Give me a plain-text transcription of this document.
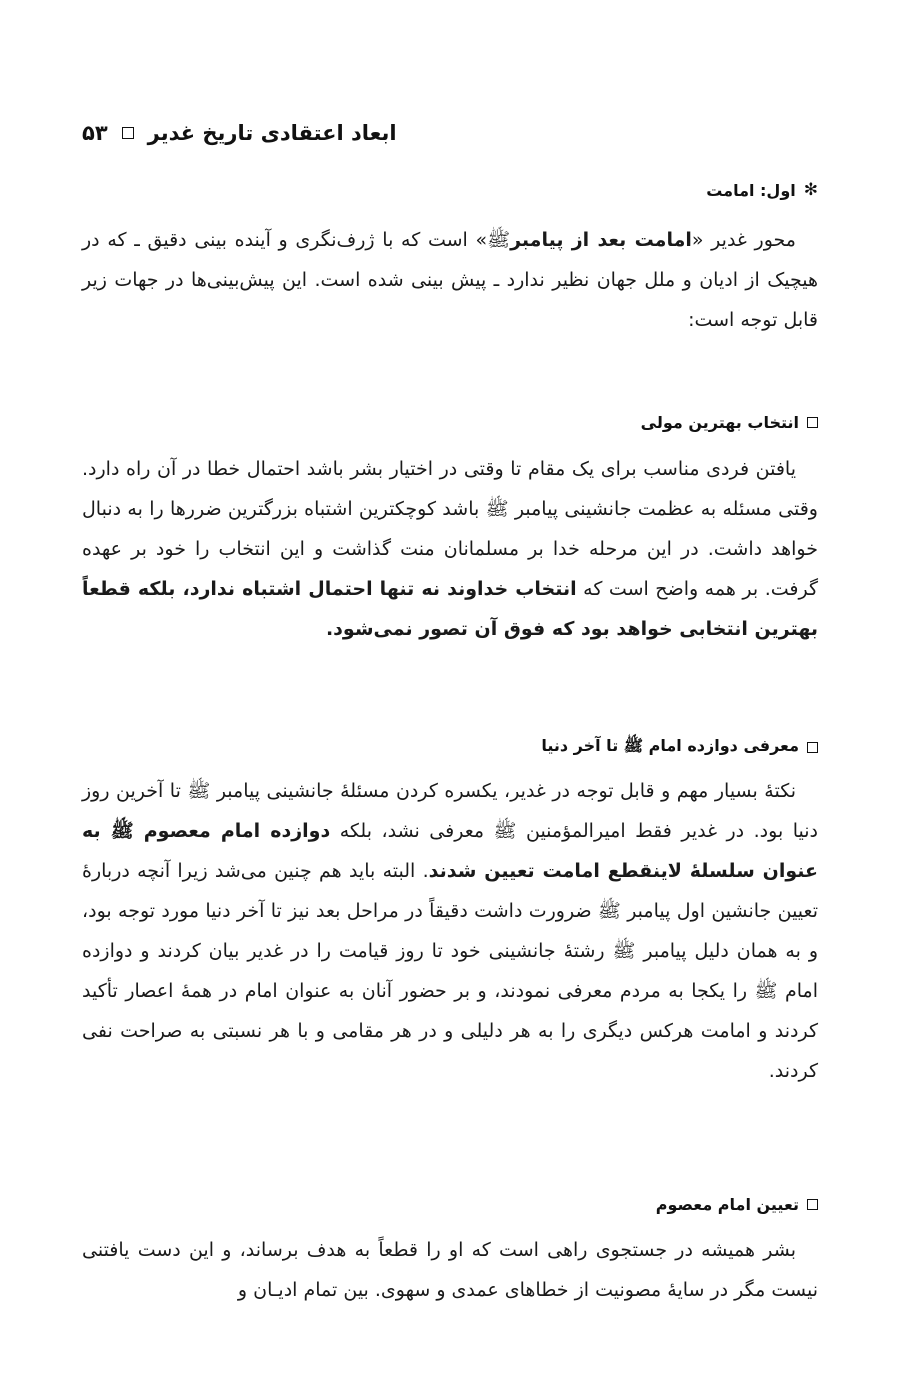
ابعاد اعتقادی تاریخ غدیر
۵۳
✻
اول: امامت

محور غدیر «امامت بعد از پیامبرﷺ» است که با ژرف‌نگری و آینده بینی دقیق ـ که در هیچیک از ادیان و ملل جهان نظیر ندارد ـ پیش بینی شده است. این پیش‌بینی‌ها در جهات زیر قابل توجه است:

انتخاب بهترین مولی

یافتن فردی مناسب برای یک مقام تا وقتی در اختیار بشر باشد احتمال خطا در آن راه دارد. وقتی مسئله به عظمت جانشینی پیامبر ﷺ باشد کوچکترین اشتباه بزرگترین ضررها را به دنبال خواهد داشت. در این مرحله خدا بر مسلمانان منت گذاشت و این انتخاب را خود بر عهده گرفت. بر همه واضح است که انتخاب خداوند نه تنها احتمال اشتباه ندارد، بلکه قطعاً بهترین انتخابی خواهد بود که فوق آن تصور نمی‌شود.

معرفی دوازده امام ﷺ تا آخر دنیا

نکتهٔ بسیار مهم و قابل توجه در غدیر، یکسره کردن مسئلهٔ جانشینی پیامبر ﷺ تا آخرین روز دنیا بود. در غدیر فقط امیرالمؤمنین ﷺ معرفی نشد، بلکه دوازده امام معصوم ﷺ به عنوان سلسلهٔ لاینقطع امامت تعیین شدند. البته باید هم چنین می‌شد زیرا آنچه دربارهٔ تعیین جانشین اول پیامبر ﷺ ضرورت داشت دقیقاً در مراحل بعد نیز تا آخر دنیا مورد توجه بود، و به همان دلیل پیامبر ﷺ رشتهٔ جانشینی خود تا روز قیامت را در غدیر بیان کردند و دوازده امام ﷺ را یکجا به مردم معرفی نمودند، و بر حضور آنان به عنوان امام در همهٔ اعصار تأکید کردند و امامت هرکس دیگری را به هر دلیلی و در هر مقامی و با هر نسبتی به صراحت نفی کردند.

تعیین امام معصوم

بشر همیشه در جستجوی راهی است که او را قطعاً به هدف برساند، و این دست یافتنی نیست مگر در سایهٔ مصونیت از خطاهای عمدی و سهوی. بین تمام ادیـان و
